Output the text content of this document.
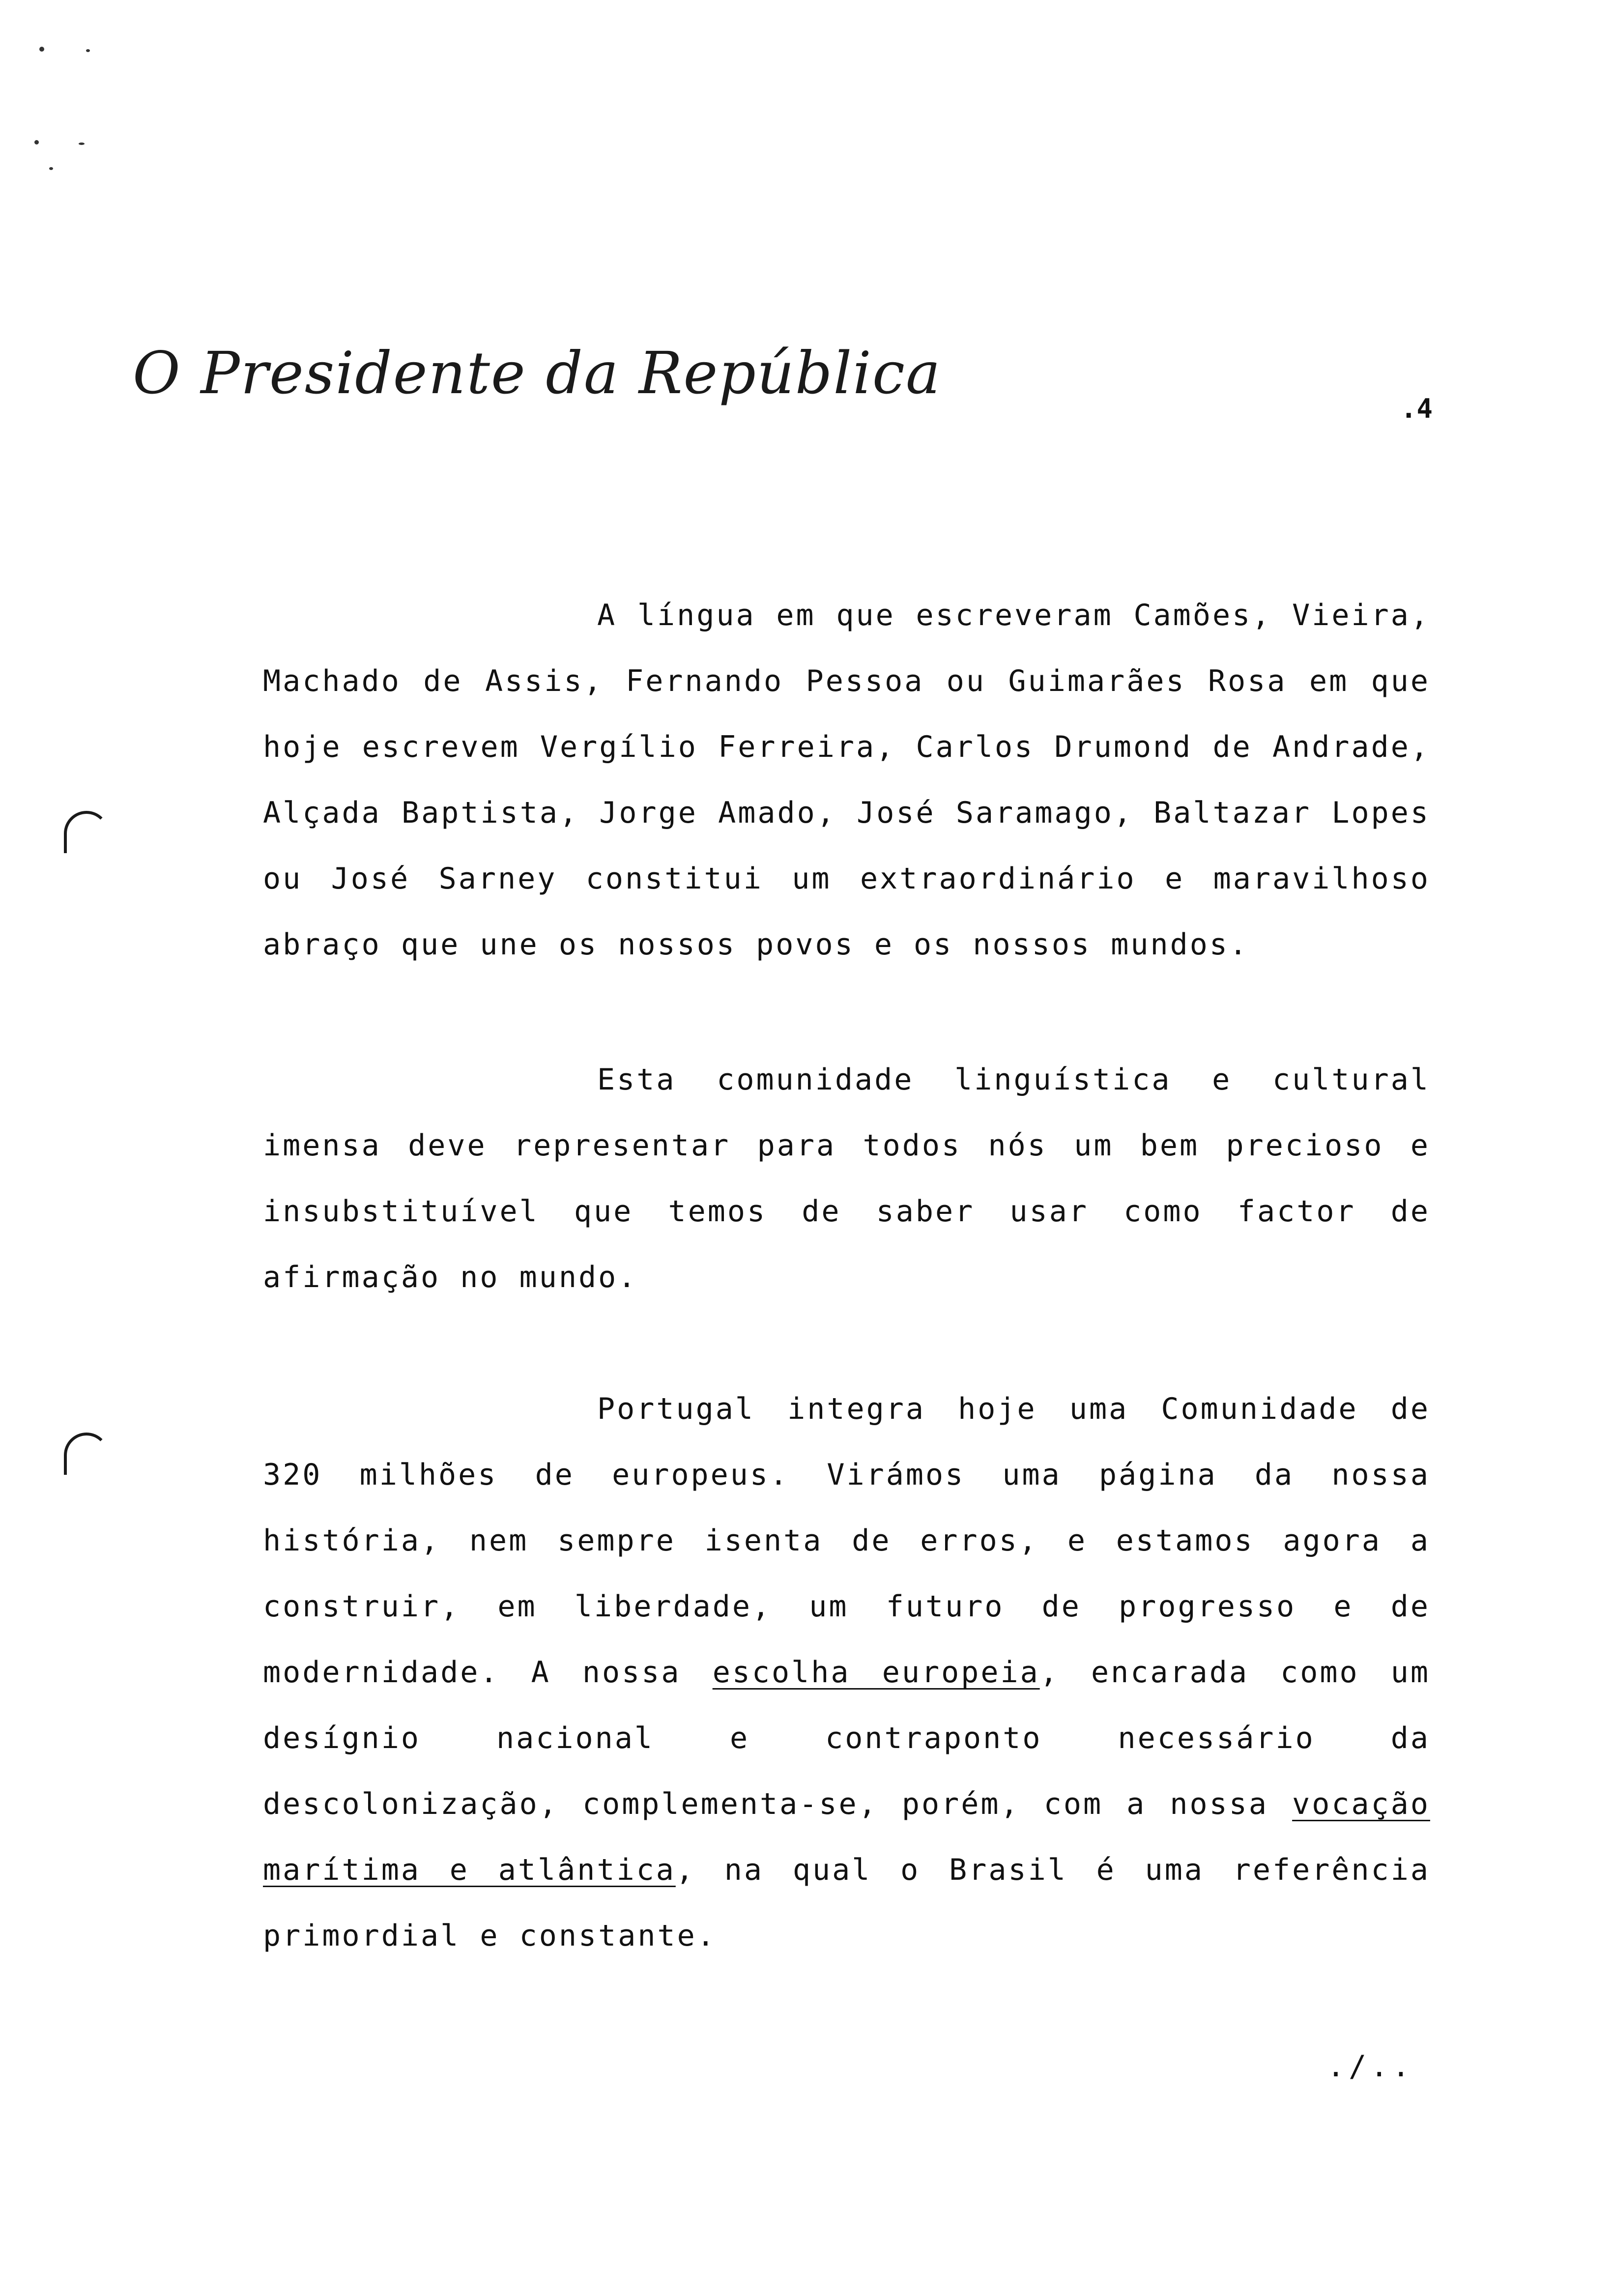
O Presidente da República
.4

A língua em que escreveram Camões, Vieira, Machado de Assis, Fernando Pessoa ou Guimarães Rosa em que hoje escrevem Vergílio Ferreira, Carlos Drumond de Andrade, Alçada Baptista, Jorge Amado, José Saramago, Baltazar Lopes ou José Sarney constitui um extraordinário e maravilhoso abraço que une os nossos povos e os nossos mundos.

Esta comunidade linguística e cultural imensa deve representar para todos nós um bem precioso e insubstituível que temos de saber usar como factor de afirmação no mundo.

Portugal integra hoje uma Comunidade de 320 milhões de europeus. Virámos uma página da nossa história, nem sempre isenta de erros, e estamos agora a construir, em liberdade, um futuro de progresso e de modernidade. A nossa escolha europeia, encarada como um desígnio nacional e contraponto necessário da descolonização, complementa-se, porém, com a nossa vocação marítima e atlântica, na qual o Brasil é uma referência primordial e constante.

./..
